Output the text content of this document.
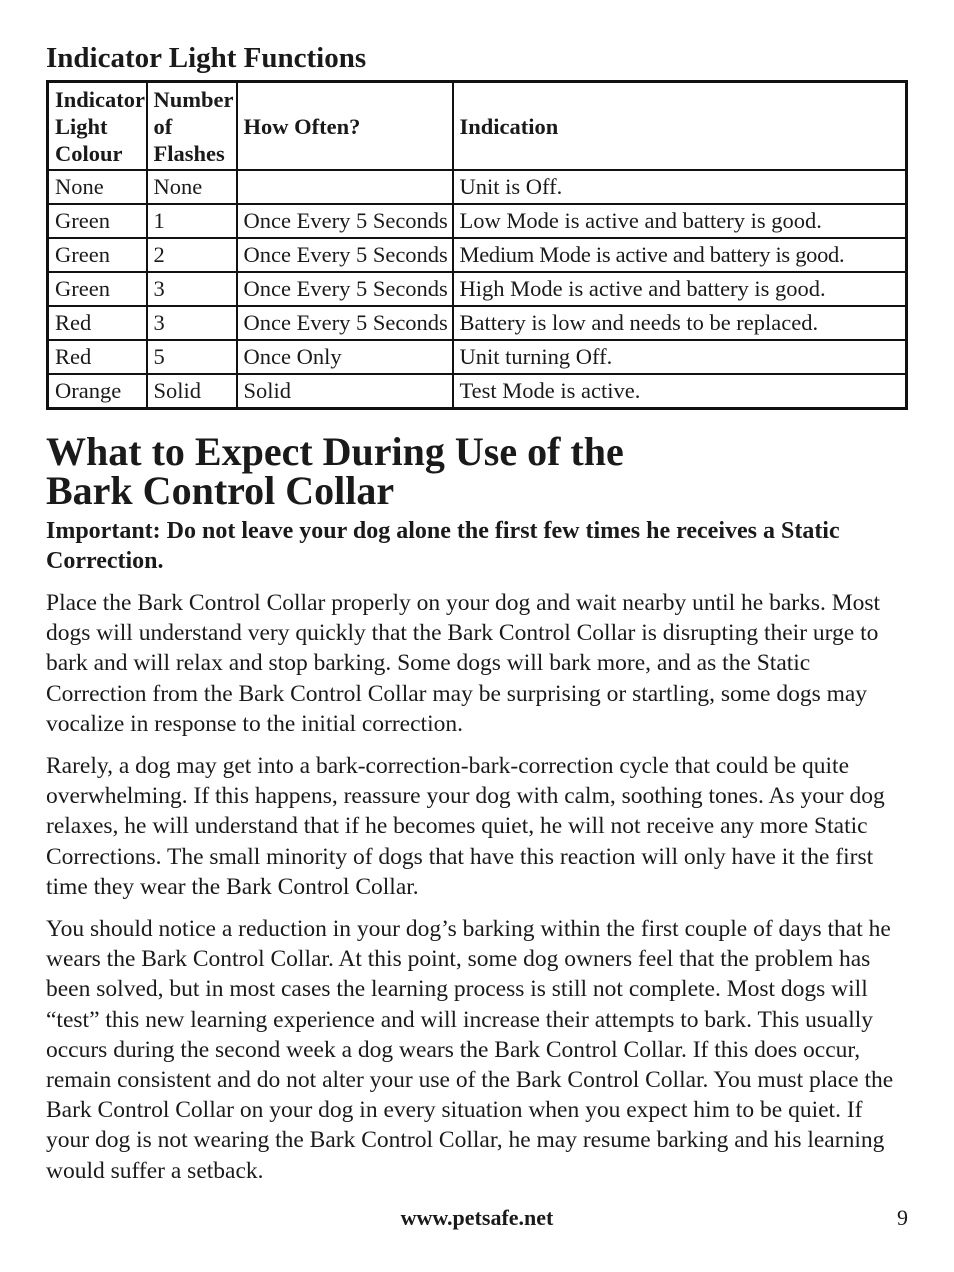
Indicator Light Functions
Indicator Light Colour	Number of Flashes	How Often?	Indication
None	None		Unit is Off.
Green	1	Once Every 5 Seconds	Low Mode is active and battery is good.
Green	2	Once Every 5 Seconds	Medium Mode is active and battery is good.
Green	3	Once Every 5 Seconds	High Mode is active and battery is good.
Red	3	Once Every 5 Seconds	Battery is low and needs to be replaced.
Red	5	Once Only	Unit turning Off.
Orange	Solid	Solid	Test Mode is active.
What to Expect During Use of the
Bark Control Collar

Important: Do not leave your dog alone the first few times he receives a Static Correction.

Place the Bark Control Collar properly on your dog and wait nearby until he barks. Most dogs will understand very quickly that the Bark Control Collar is disrupting their urge to bark and will relax and stop barking. Some dogs will bark more, and as the Static Correction from the Bark Control Collar may be surprising or startling, some dogs may vocalize in response to the initial correction.

Rarely, a dog may get into a bark-correction-bark-correction cycle that could be quite overwhelming. If this happens, reassure your dog with calm, soothing tones. As your dog relaxes, he will understand that if he becomes quiet, he will not receive any more Static Corrections. The small minority of dogs that have this reaction will only have it the first time they wear the Bark Control Collar.

You should notice a reduction in your dog’s barking within the first couple of days that he wears the Bark Control Collar. At this point, some dog owners feel that the problem has been solved, but in most cases the learning process is still not complete. Most dogs will “test” this new learning experience and will increase their attempts to bark. This usually occurs during the second week a dog wears the Bark Control Collar. If this does occur, remain consistent and do not alter your use of the Bark Control Collar. You must place the Bark Control Collar on your dog in every situation when you expect him to be quiet. If your dog is not wearing the Bark Control Collar, he may resume barking and his learning would suffer a setback.

www.petsafe.net	9
